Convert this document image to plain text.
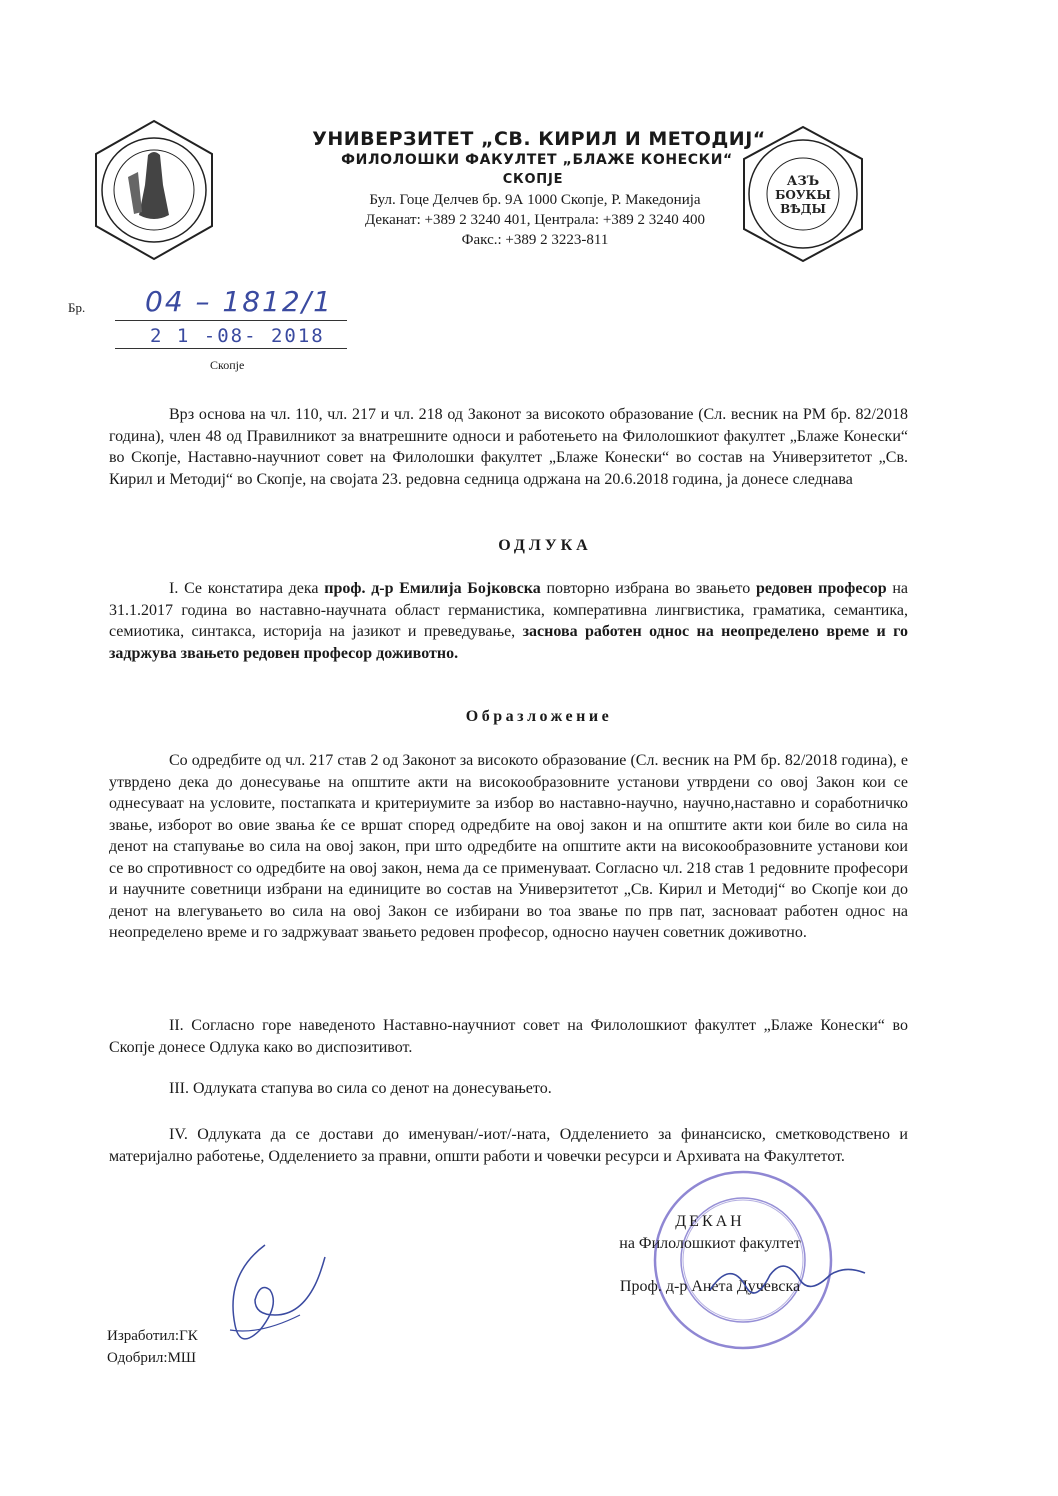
АЗЪ
БОУКЫ
ВѢДЫ
УНИВЕРЗИТЕТ „СВ. КИРИЛ И МЕТОДИЈ“
ФИЛОЛОШКИ ФАКУЛТЕТ „БЛАЖЕ КОНЕСКИ“
СКОПЈЕ
Бул. Гоце Делчев бр. 9А 1000 Скопје, Р. Македонија
Деканат: +389 2 3240 401, Централа: +389 2 3240 400
Факс.: +389 2 3223-811
Бр. 04 – 1812/1
2 1 -08- 2018
Скопје
Врз основа на чл. 110, чл. 217 и чл. 218 од Законот за високото образование (Сл. весник на РМ бр. 82/2018 година), член 48 од Правилникот за внатрешните односи и работењето на Филолошкиот факултет „Блаже Конески“ во Скопје, Наставно-научниот совет на Филолошки факултет „Блаже Конески“ во состав на Универзитетот „Св. Кирил и Методиј“ во Скопје, на својата 23. редовна седница одржана на 20.6.2018 година, ја донесе следнава
ОДЛУКА
I. Се констатира дека проф. д-р Емилија Бојковска повторно избрана во звањето редовен професор на 31.1.2017 година во наставно-научната област германистика, комперативна лингвистика, граматика, семантика, семиотика, синтакса, историја на јазикот и преведување, заснова работен однос на неопределено време и го задржува звањето редовен професор доживотно.
Образложение
Со одредбите од чл. 217 став 2 од Законот за високото образование (Сл. весник на РМ бр. 82/2018 година), е утврдено дека до донесување на општите акти на високообразовните установи утврдени со овој Закон кои се однесуваат на условите, постапката и критериумите за избор во наставно-научно, научно,наставно и соработничко звање, изборот во овие звања ќе се вршат според одредбите на овој закон и на општите акти кои биле во сила на денот на стапување во сила на овој закон, при што одредбите на општите акти на високообразовните установи кои се во спротивност со одредбите на овој закон, нема да се применуваат. Согласно чл. 218 став 1 редовните професори и научните советници избрани на единиците во состав на Универзитетот „Св. Кирил и Методиј“ во Скопје кои до денот на влегувањето во сила на овој Закон се избирани во тоа звање по прв пат, засноваат работен однос на неопределено време и го задржуваат звањето редовен професор, односно научен советник доживотно.
II. Согласно горе наведеното Наставно-научниот совет на Филолошкиот факултет „Блаже Конески“ во Скопје донесе Одлука како во диспозитивот.
III. Одлуката стапува во сила со денот на донесувањето.
IV. Одлуката да се достави до именуван/-иот/-ната, Одделението за финансиско, сметководствено и материјално работење, Одделението за правни, општи работи и човечки ресурси и Архивата на Факултетот.
ДЕКАН
на Филолошкиот факултет
Проф. д-р Анета Дучевска
Изработил:ГК
Одобрил:МШ
